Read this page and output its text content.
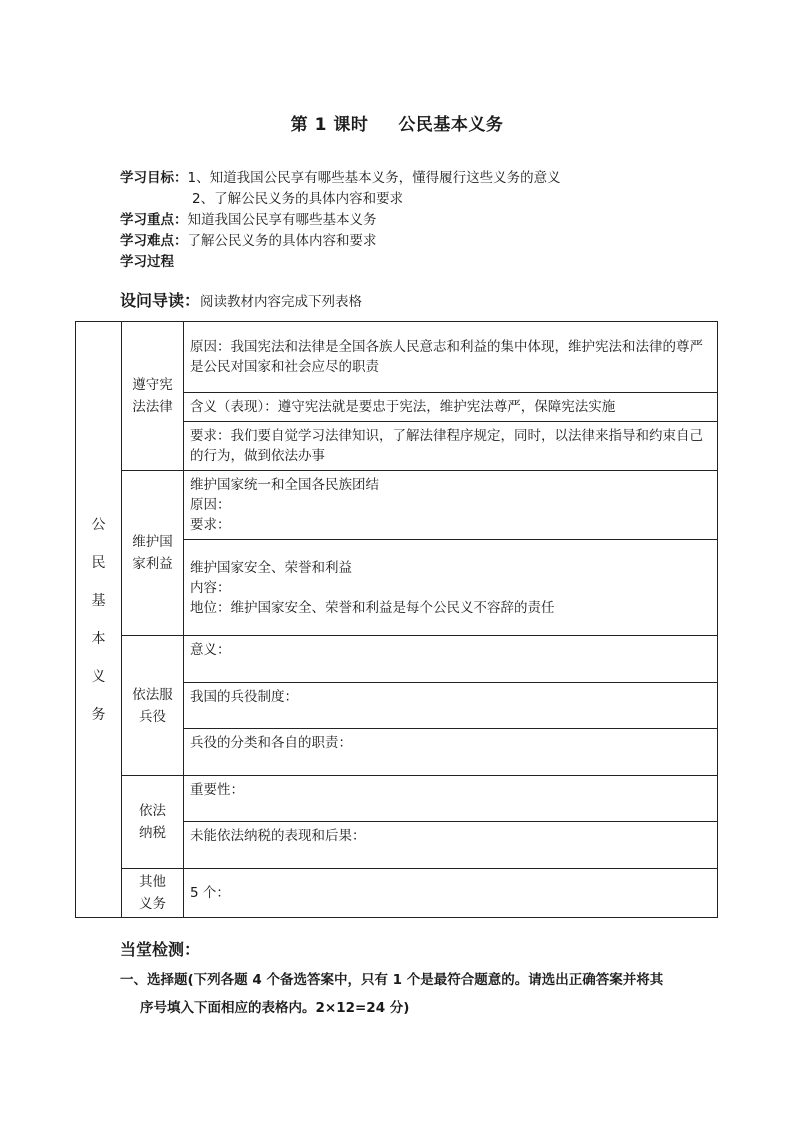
第 1 课时 公民基本义务
学习目标：1、知道我国公民享有哪些基本义务，懂得履行这些义务的意义
2、了解公民义务的具体内容和要求
学习重点：知道我国公民享有哪些基本义务
学习难点：了解公民义务的具体内容和要求
学习过程
设问导读：阅读教材内容完成下列表格
公民基本义务	遵守宪法法律	原因：我国宪法和法律是全国各族人民意志和利益的集中体现，维护宪法和法律的尊严是公民对国家和社会应尽的职责

		含义（表现）：遵守宪法就是要忠于宪法，维护宪法尊严，保障宪法实施

		要求：我们要自觉学习法律知识，了解法律程序规定，同时，以法律来指导和约束自己的行为，做到依法办事

	维护国家利益	维护国家统一和全国各民族团结
原因：
要求：

		维护国家安全、荣誉和利益
内容：
地位：维护国家安全、荣誉和利益是每个公民义不容辞的责任

	依法服兵役	意义：

		我国的兵役制度：

		兵役的分类和各自的职责：

	依法纳税	重要性：

		未能依法纳税的表现和后果：

	其他义务	5 个：
当堂检测：
一、选择题(下列各题 4 个备选答案中，只有 1 个是最符合题意的。请选出正确答案并将其
序号填入下面相应的表格内。2×12=24 分)
